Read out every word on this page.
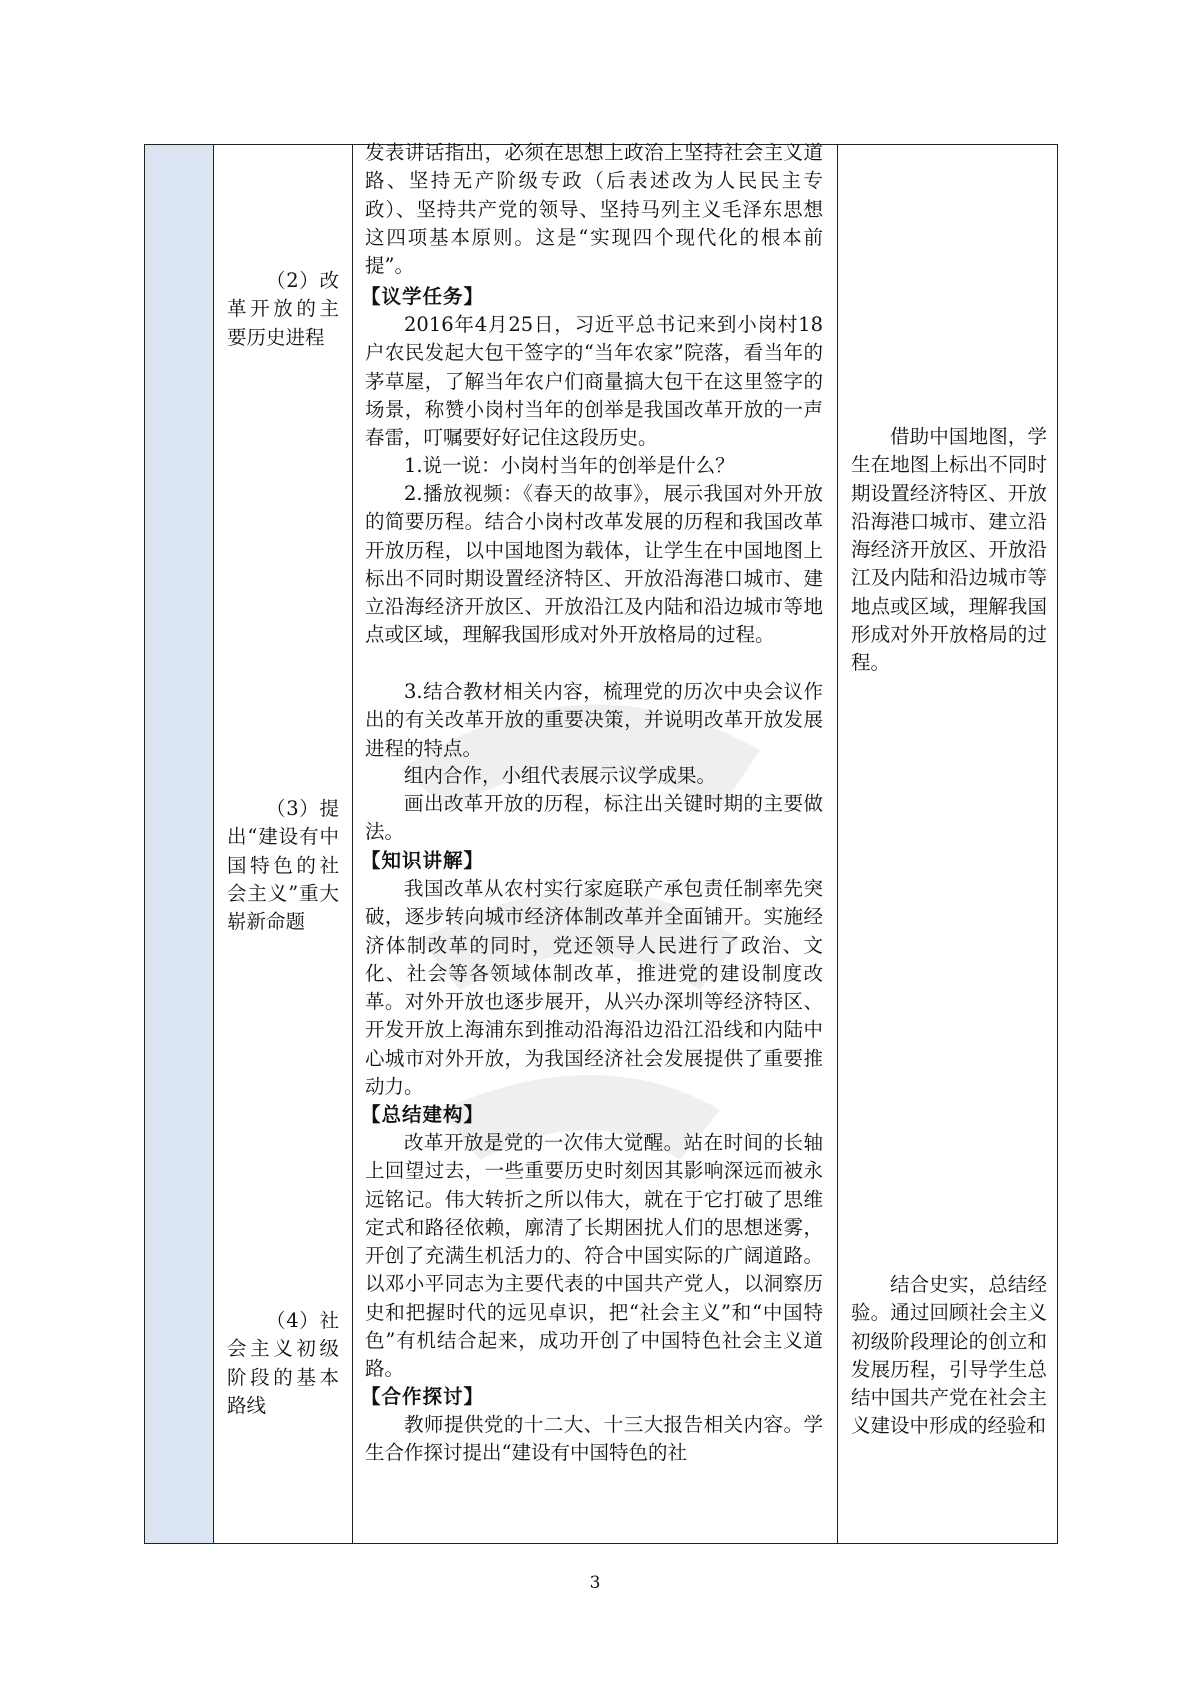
（2）改革开放的主要历史进程

（3）提出“建设有中国特色的社会主义”重大崭新命题

（4）社会主义初级阶段的基本路线

发表讲话指出，必须在思想上政治上坚持社会主义道路、坚持无产阶级专政（后表述改为人民民主专政）、坚持共产党的领导、坚持马列主义毛泽东思想这四项基本原则。这是“实现四个现代化的根本前提”。

【议学任务】

2016年4月25日，习近平总书记来到小岗村18户农民发起大包干签字的“当年农家”院落，看当年的茅草屋，了解当年农户们商量搞大包干在这里签字的场景，称赞小岗村当年的创举是我国改革开放的一声春雷，叮嘱要好好记住这段历史。

1.说一说：小岗村当年的创举是什么？

2.播放视频：《春天的故事》，展示我国对外开放的简要历程。结合小岗村改革发展的历程和我国改革开放历程，以中国地图为载体，让学生在中国地图上标出不同时期设置经济特区、开放沿海港口城市、建立沿海经济开放区、开放沿江及内陆和沿边城市等地点或区域，理解我国形成对外开放格局的过程。

3.结合教材相关内容，梳理党的历次中央会议作出的有关改革开放的重要决策，并说明改革开放发展进程的特点。

组内合作，小组代表展示议学成果。

画出改革开放的历程，标注出关键时期的主要做法。

【知识讲解】

我国改革从农村实行家庭联产承包责任制率先突破，逐步转向城市经济体制改革并全面铺开。实施经济体制改革的同时，党还领导人民进行了政治、文化、社会等各领域体制改革，推进党的建设制度改革。对外开放也逐步展开，从兴办深圳等经济特区、开发开放上海浦东到推动沿海沿边沿江沿线和内陆中心城市对外开放，为我国经济社会发展提供了重要推动力。

【总结建构】

改革开放是党的一次伟大觉醒。站在时间的长轴上回望过去，一些重要历史时刻因其影响深远而被永远铭记。伟大转折之所以伟大，就在于它打破了思维定式和路径依赖，廓清了长期困扰人们的思想迷雾，开创了充满生机活力的、符合中国实际的广阔道路。以邓小平同志为主要代表的中国共产党人，以洞察历史和把握时代的远见卓识，把“社会主义”和“中国特色”有机结合起来，成功开创了中国特色社会主义道路。

【合作探讨】

教师提供党的十二大、十三大报告相关内容。学生合作探讨提出“建设有中国特色的社

借助中国地图，学生在地图上标出不同时期设置经济特区、开放沿海港口城市、建立沿海经济开放区、开放沿江及内陆和沿边城市等地点或区域，理解我国形成对外开放格局的过程。

结合史实，总结经验。通过回顾社会主义初级阶段理论的创立和发展历程，引导学生总结中国共产党在社会主义建设中形成的经验和

3
